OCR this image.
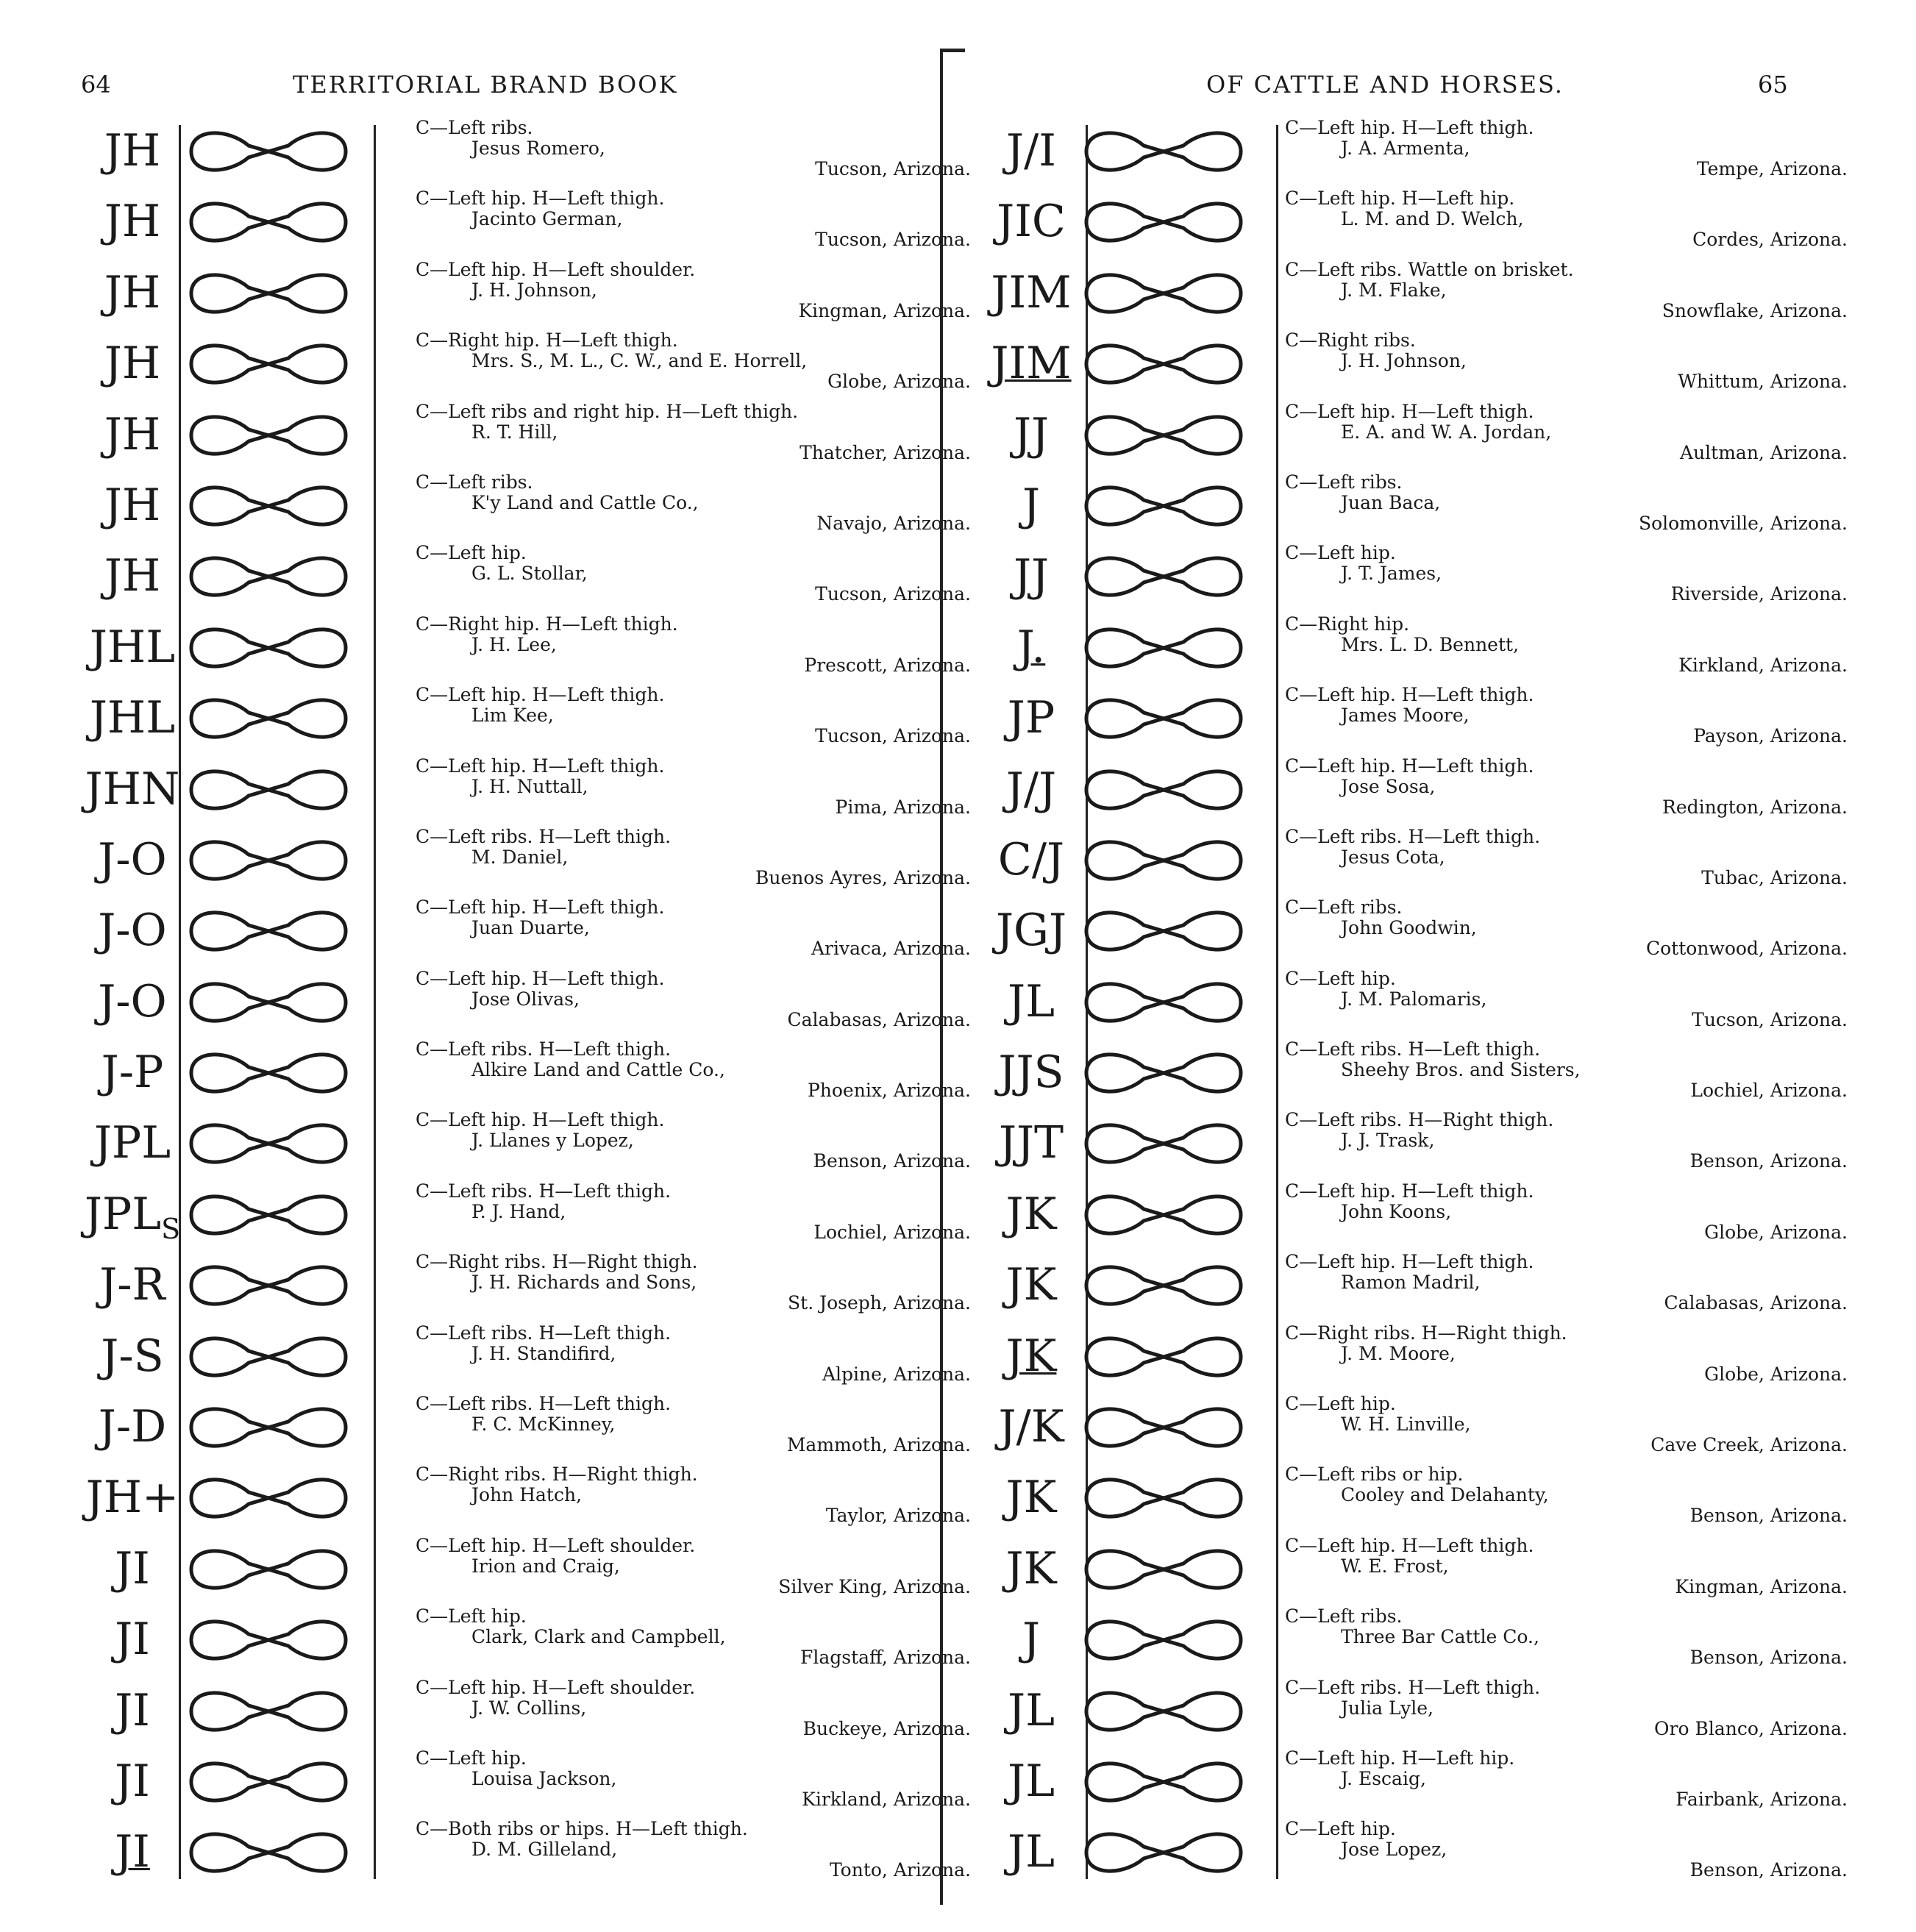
64	TERRITORIAL BRAND BOOK
JH	C—Left ribs.
Jesus Romero,
Tucson, Arizona.
JH	C—Left hip. H—Left thigh.
Jacinto German,
Tucson, Arizona.
JH	C—Left hip. H—Left shoulder.
J. H. Johnson,
Kingman, Arizona.
JH	C—Right hip. H—Left thigh.
Mrs. S., M. L., C. W., and E. Horrell,
Globe, Arizona.
JH	C—Left ribs and right hip. H—Left thigh.
R. T. Hill,
Thatcher, Arizona.
JH	C—Left ribs.
K'y Land and Cattle Co.,
Navajo, Arizona.
JH	C—Left hip.
G. L. Stollar,
Tucson, Arizona.
JHL	C—Right hip. H—Left thigh.
J. H. Lee,
Prescott, Arizona.
JHL	C—Left hip. H—Left thigh.
Lim Kee,
Tucson, Arizona.
JHN	C—Left hip. H—Left thigh.
J. H. Nuttall,
Pima, Arizona.
J-O	C—Left ribs. H—Left thigh.
M. Daniel,
Buenos Ayres, Arizona.
J-O	C—Left hip. H—Left thigh.
Juan Duarte,
Arivaca, Arizona.
J-O	C—Left hip. H—Left thigh.
Jose Olivas,
Calabasas, Arizona.
J-P	C—Left ribs. H—Left thigh.
Alkire Land and Cattle Co.,
Phoenix, Arizona.
JPL	C—Left hip. H—Left thigh.
J. Llanes y Lopez,
Benson, Arizona.
$JPL_S$
C—Left ribs. H—Left thigh.
P. J. Hand,
Lochiel, Arizona.
J-R	C—Right ribs. H—Right thigh.
J. H. Richards and Sons,
St. Joseph, Arizona.
J-S	C—Left ribs. H—Left thigh.
J. H. Standifird,
Alpine, Arizona.
J-D	C—Left ribs. H—Left thigh.
F. C. McKinney,
Mammoth, Arizona.
JH+	C—Right ribs. H—Right thigh.
John Hatch,
Taylor, Arizona.
JI	C—Left hip. H—Left shoulder.
Irion and Craig,
Silver King, Arizona.
JI	C—Left hip.
Clark, Clark and Campbell,
Flagstaff, Arizona.
JI	C—Left hip. H—Left shoulder.
J. W. Collins,
Buckeye, Arizona.
JI	C—Left hip.
Louisa Jackson,
Kirkland, Arizona.
JI	C—Both ribs or hips. H—Left thigh.
D. M. Gilleland,
Tonto, Arizona.
65
OF CATTLE AND HORSES.
J/I	C—Left hip. H—Left thigh.
J. A. Armenta,
Tempe, Arizona.
JIC	C—Left hip. H—Left hip.
L. M. and D. Welch,
Cordes, Arizona.
JIM	C—Left ribs. Wattle on brisket.
J. M. Flake,
Snowflake, Arizona.
JIM	C—Right ribs.
J. H. Johnson,
Whittum, Arizona.
JJ	C—Left hip. H—Left thigh.
E. A. and W. A. Jordan,
Aultman, Arizona.
J	C—Left ribs.
Juan Baca,
Solomonville, Arizona.
JJ	C—Left hip.
J. T. James,
Riverside, Arizona.
J.	C—Right hip.
Mrs. L. D. Bennett,
Kirkland, Arizona.
JP	C—Left hip. H—Left thigh.
James Moore,
Payson, Arizona.
J/J	C—Left hip. H—Left thigh.
Jose Sosa,
Redington, Arizona.
C/J	C—Left ribs. H—Left thigh.
Jesus Cota,
Tubac, Arizona.
JGJ	C—Left ribs.
John Goodwin,
Cottonwood, Arizona.
JL	C—Left hip.
J. M. Palomaris,
Tucson, Arizona.
JJS	C—Left ribs. H—Left thigh.
Sheehy Bros. and Sisters,
Lochiel, Arizona.
JJT	C—Left ribs. H—Right thigh.
J. J. Trask,
Benson, Arizona.
JK	C—Left hip. H—Left thigh.
John Koons,
Globe, Arizona.
JK	C—Left hip. H—Left thigh.
Ramon Madril,
Calabasas, Arizona.
JK	C—Right ribs. H—Right thigh.
J. M. Moore,
Globe, Arizona.
J/K	C—Left hip.
W. H. Linville,
Cave Creek, Arizona.
JK	C—Left ribs or hip.
Cooley and Delahanty,
Benson, Arizona.
JK	C—Left hip. H—Left thigh.
W. E. Frost,
Kingman, Arizona.
J	C—Left ribs.
Three Bar Cattle Co.,
Benson, Arizona.
JL	C—Left ribs. H—Left thigh.
Julia Lyle,
Oro Blanco, Arizona.
JL	C—Left hip. H—Left hip.
J. Escaig,
Fairbank, Arizona.
JL	C—Left hip.
Jose Lopez,
Benson, Arizona.
